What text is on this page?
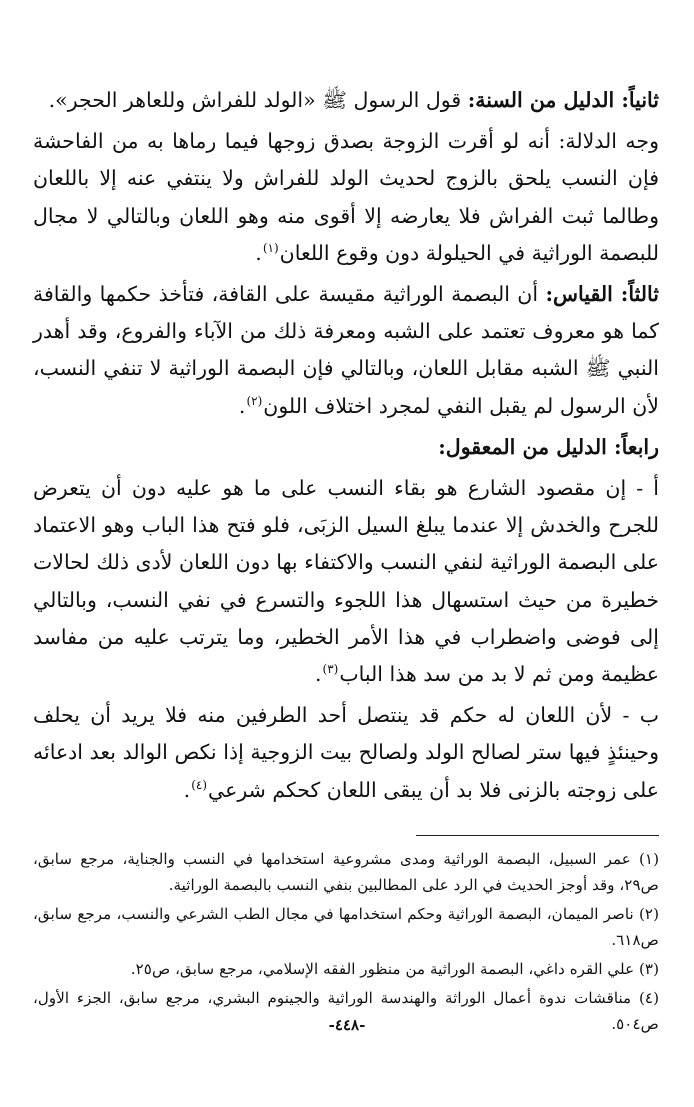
ثانياً: الدليل من السنة: قول الرسول ﷺ «الولد للفراش وللعاهر الحجر».

وجه الدلالة: أنه لو أقرت الزوجة بصدق زوجها فيما رماها به من الفاحشة فإن النسب يلحق بالزوج لحديث الولد للفراش ولا ينتفي عنه إلا باللعان وطالما ثبت الفراش فلا يعارضه إلا أقوى منه وهو اللعان وبالتالي لا مجال للبصمة الوراثية في الحيلولة دون وقوع اللعان$^{(١)}$.

ثالثاً: القياس: أن البصمة الوراثية مقيسة على القافة، فتأخذ حكمها والقافة كما هو معروف تعتمد على الشبه ومعرفة ذلك من الآباء والفروع، وقد أهدر النبي ﷺ الشبه مقابل اللعان، وبالتالي فإن البصمة الوراثية لا تنفي النسب، لأن الرسول لم يقبل النفي لمجرد اختلاف اللون$^{(٢)}$.

رابعاً: الدليل من المعقول:

أ - إن مقصود الشارع هو بقاء النسب على ما هو عليه دون أن يتعرض للجرح والخدش إلا عندما يبلغ السيل الزبَى، فلو فتح هذا الباب وهو الاعتماد على البصمة الوراثية لنفي النسب والاكتفاء بها دون اللعان لأدى ذلك لحالات خطيرة من حيث استسهال هذا اللجوء والتسرع في نفي النسب، وبالتالي إلى فوضى واضطراب في هذا الأمر الخطير، وما يترتب عليه من مفاسد عظيمة ومن ثم لا بد من سد هذا الباب$^{(٣)}$.

ب - لأن اللعان له حكم قد ينتصل أحد الطرفين منه فلا يريد أن يحلف وحينئذٍ فيها ستر لصالح الولد ولصالح بيت الزوجية إذا نكص الوالد بعد ادعائه على زوجته بالزنى فلا بد أن يبقى اللعان كحكم شرعي$^{(٤)}$.

(١) عمر السبيل، البصمة الوراثية ومدى مشروعية استخدامها في النسب والجناية، مرجع سابق، ص٢٩، وقد أوجز الحديث في الرد على المطالبين بنفي النسب بالبصمة الوراثية.

(٢) ناصر الميمان، البصمة الوراثية وحكم استخدامها في مجال الطب الشرعي والنسب، مرجع سابق، ص٦١٨.

(٣) علي القره داغي، البصمة الوراثية من منظور الفقه الإسلامي، مرجع سابق، ص٢٥.

(٤) مناقشات ندوة أعمال الوراثة والهندسة الوراثية والجينوم البشري، مرجع سابق، الجزء الأول، ص٥٠٤.

-٤٤٨-
